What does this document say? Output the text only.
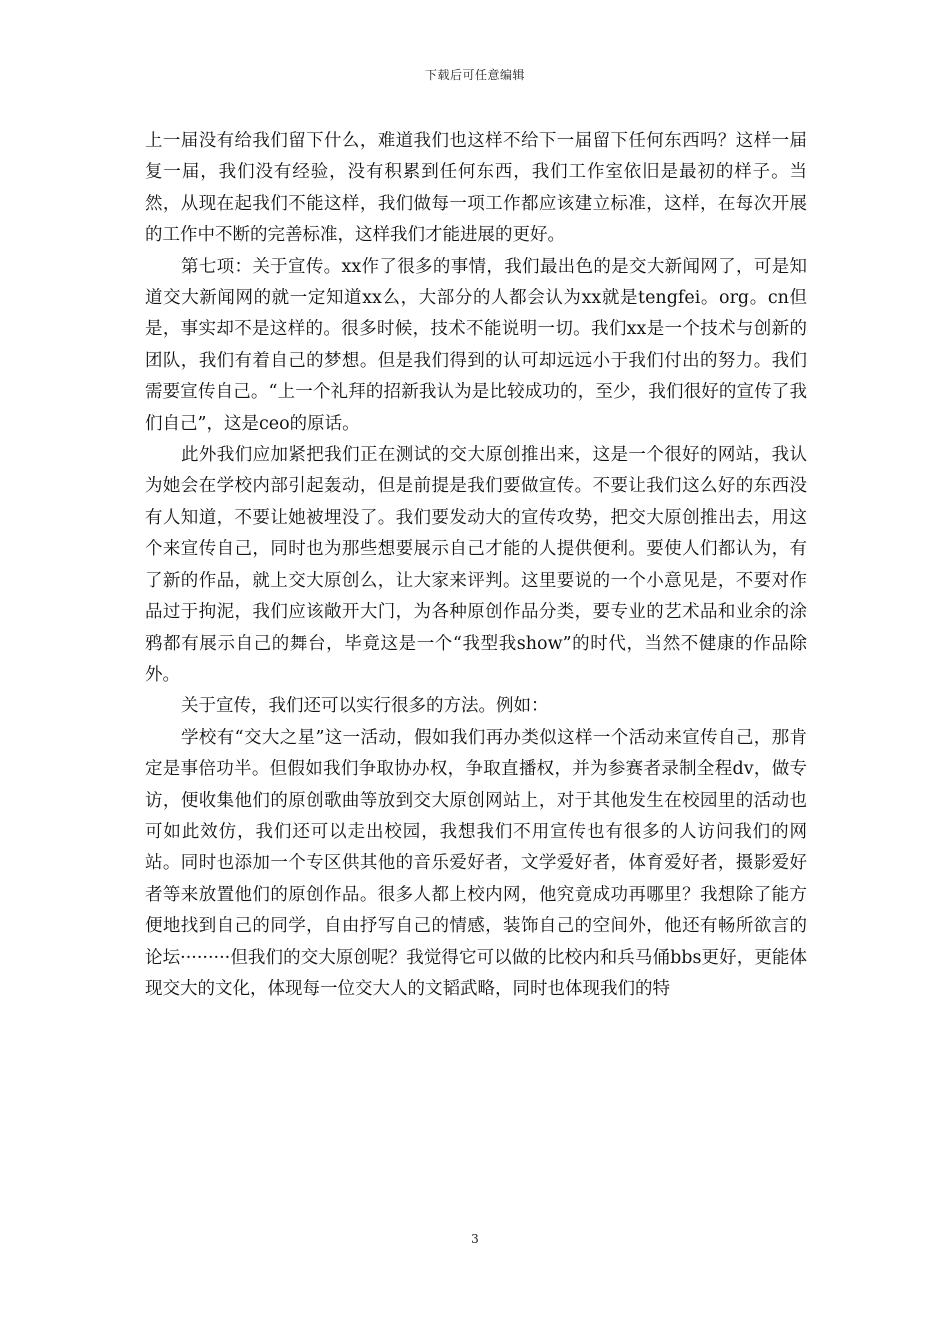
下载后可任意编辑

上一届没有给我们留下什么，难道我们也这样不给下一届留下任何东西吗？这样一届复一届，我们没有经验，没有积累到任何东西，我们工作室依旧是最初的样子。当然，从现在起我们不能这样，我们做每一项工作都应该建立标准，这样，在每次开展的工作中不断的完善标准，这样我们才能进展的更好。

第七项：关于宣传。xx作了很多的事情，我们最出色的是交大新闻网了，可是知道交大新闻网的就一定知道xx么，大部分的人都会认为xx就是tengfei。org。cn但是，事实却不是这样的。很多时候，技术不能说明一切。我们xx是一个技术与创新的团队，我们有着自己的梦想。但是我们得到的认可却远远小于我们付出的努力。我们需要宣传自己。“上一个礼拜的招新我认为是比较成功的，至少，我们很好的宣传了我们自己”，这是ceo的原话。

此外我们应加紧把我们正在测试的交大原创推出来，这是一个很好的网站，我认为她会在学校内部引起轰动，但是前提是我们要做宣传。不要让我们这么好的东西没有人知道，不要让她被埋没了。我们要发动大的宣传攻势，把交大原创推出去，用这个来宣传自己，同时也为那些想要展示自己才能的人提供便利。要使人们都认为，有了新的作品，就上交大原创么，让大家来评判。这里要说的一个小意见是，不要对作品过于拘泥，我们应该敞开大门，为各种原创作品分类，要专业的艺术品和业余的涂鸦都有展示自己的舞台，毕竟这是一个“我型我show”的时代，当然不健康的作品除外。

关于宣传，我们还可以实行很多的方法。例如：

学校有“交大之星”这一活动，假如我们再办类似这样一个活动来宣传自己，那肯定是事倍功半。但假如我们争取协办权，争取直播权，并为参赛者录制全程dv，做专访，便收集他们的原创歌曲等放到交大原创网站上，对于其他发生在校园里的活动也可如此效仿，我们还可以走出校园，我想我们不用宣传也有很多的人访问我们的网站。同时也添加一个专区供其他的音乐爱好者，文学爱好者，体育爱好者，摄影爱好者等来放置他们的原创作品。很多人都上校内网，他究竟成功再哪里？我想除了能方便地找到自己的同学，自由抒写自己的情感，装饰自己的空间外，他还有畅所欲言的论坛·········但我们的交大原创呢？我觉得它可以做的比校内和兵马俑bbs更好，更能体现交大的文化，体现每一位交大人的文韬武略，同时也体现我们的特

3
